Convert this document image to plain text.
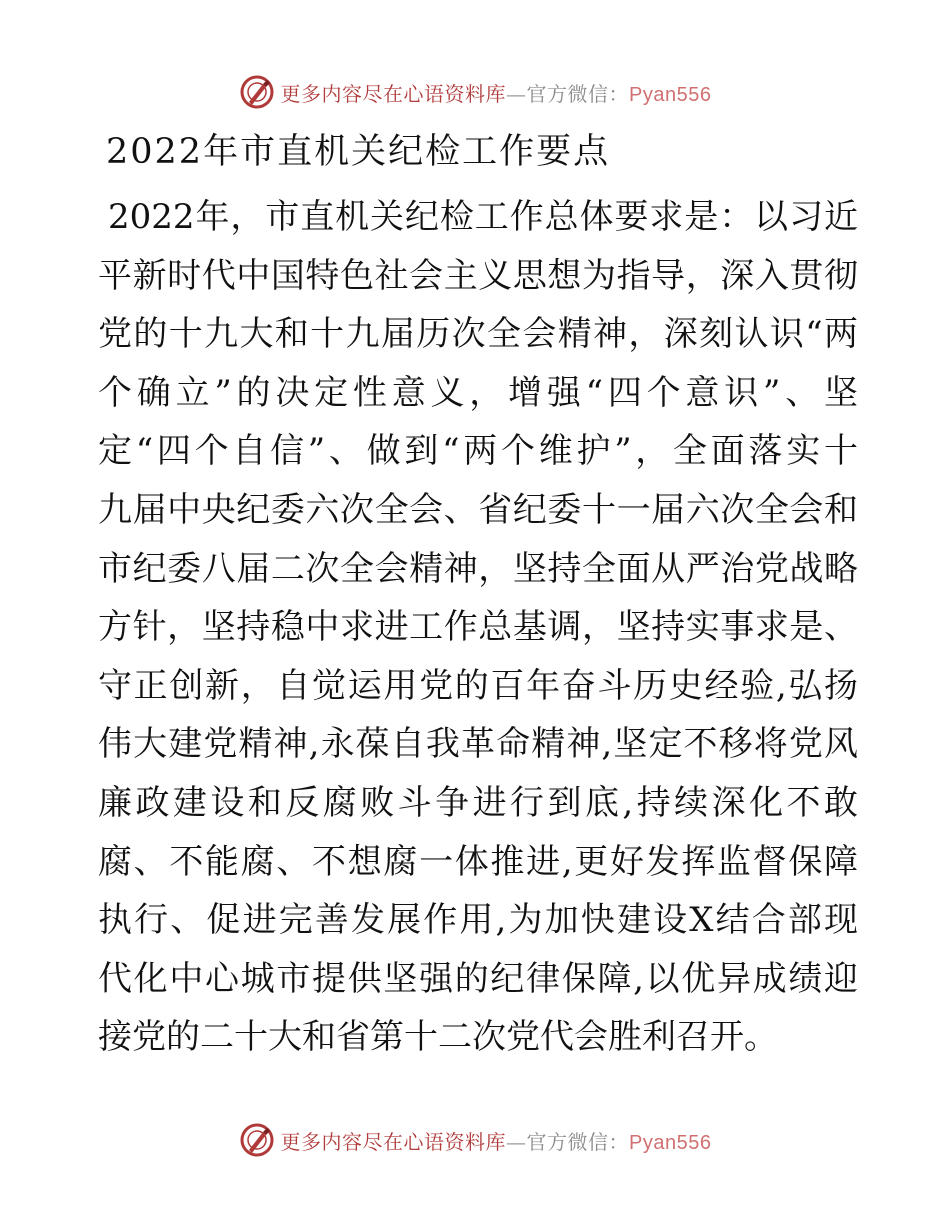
更多内容尽在心语资料库—官方微信：Pyan556
2022年市直机关纪检工作要点
2022年，市直机关纪检工作总体要求是：以习近
平新时代中国特色社会主义思想为指导，深入贯彻
党的十九大和十九届历次全会精神，深刻认识“两
个确立”的决定性意义，增强“四个意识”、坚
定“四个自信”、做到“两个维护”，全面落实十
九届中央纪委六次全会、省纪委十一届六次全会和
市纪委八届二次全会精神，坚持全面从严治党战略
方针，坚持稳中求进工作总基调，坚持实事求是、
守正创新，自觉运用党的百年奋斗历史经验,弘扬
伟大建党精神,永葆自我革命精神,坚定不移将党风
廉政建设和反腐败斗争进行到底,持续深化不敢
腐、不能腐、不想腐一体推进,更好发挥监督保障
执行、促进完善发展作用,为加快建设X结合部现
代化中心城市提供坚强的纪律保障,以优异成绩迎
接党的二十大和省第十二次党代会胜利召开。
更多内容尽在心语资料库—官方微信：Pyan556
